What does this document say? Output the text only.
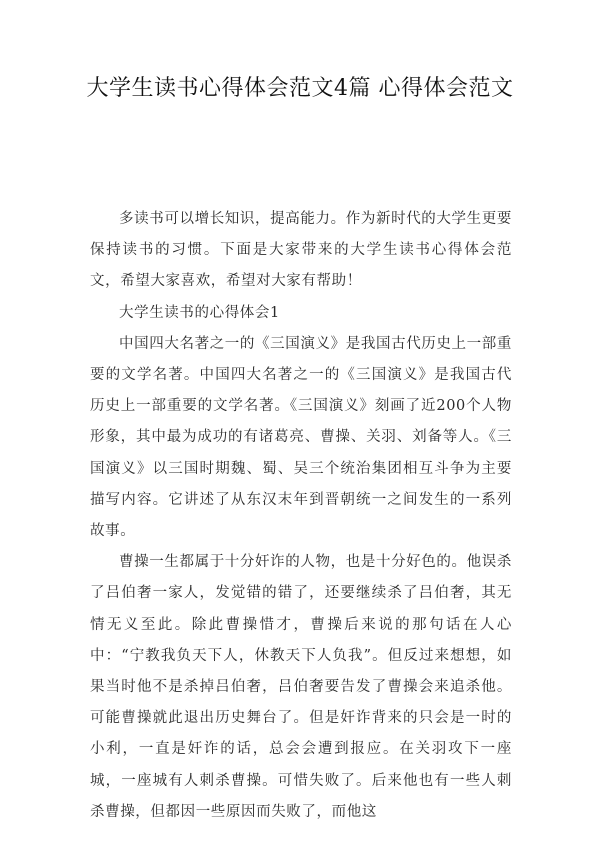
大学生读书心得体会范文4篇 心得体会范文

多读书可以增长知识，提高能力。作为新时代的大学生更要保持读书的习惯。下面是大家带来的大学生读书心得体会范文，希望大家喜欢，希望对大家有帮助！

大学生读书的心得体会1

中国四大名著之一的《三国演义》是我国古代历史上一部重要的文学名著。中国四大名著之一的《三国演义》是我国古代历史上一部重要的文学名著。《三国演义》刻画了近200个人物形象，其中最为成功的有诸葛亮、曹操、关羽、刘备等人。《三国演义》以三国时期魏、蜀、吴三个统治集团相互斗争为主要描写内容。它讲述了从东汉末年到晋朝统一之间发生的一系列故事。

曹操一生都属于十分奸诈的人物，也是十分好色的。他误杀了吕伯奢一家人，发觉错的错了，还要继续杀了吕伯奢，其无情无义至此。除此曹操惜才，曹操后来说的那句话在人心中：“宁教我负天下人，休教天下人负我”。但反过来想想，如果当时他不是杀掉吕伯奢，吕伯奢要告发了曹操会来追杀他。可能曹操就此退出历史舞台了。但是奸诈背来的只会是一时的小利，一直是奸诈的话，总会会遭到报应。在关羽攻下一座城，一座城有人刺杀曹操。可惜失败了。后来他也有一些人刺杀曹操，但都因一些原因而失败了，而他这
